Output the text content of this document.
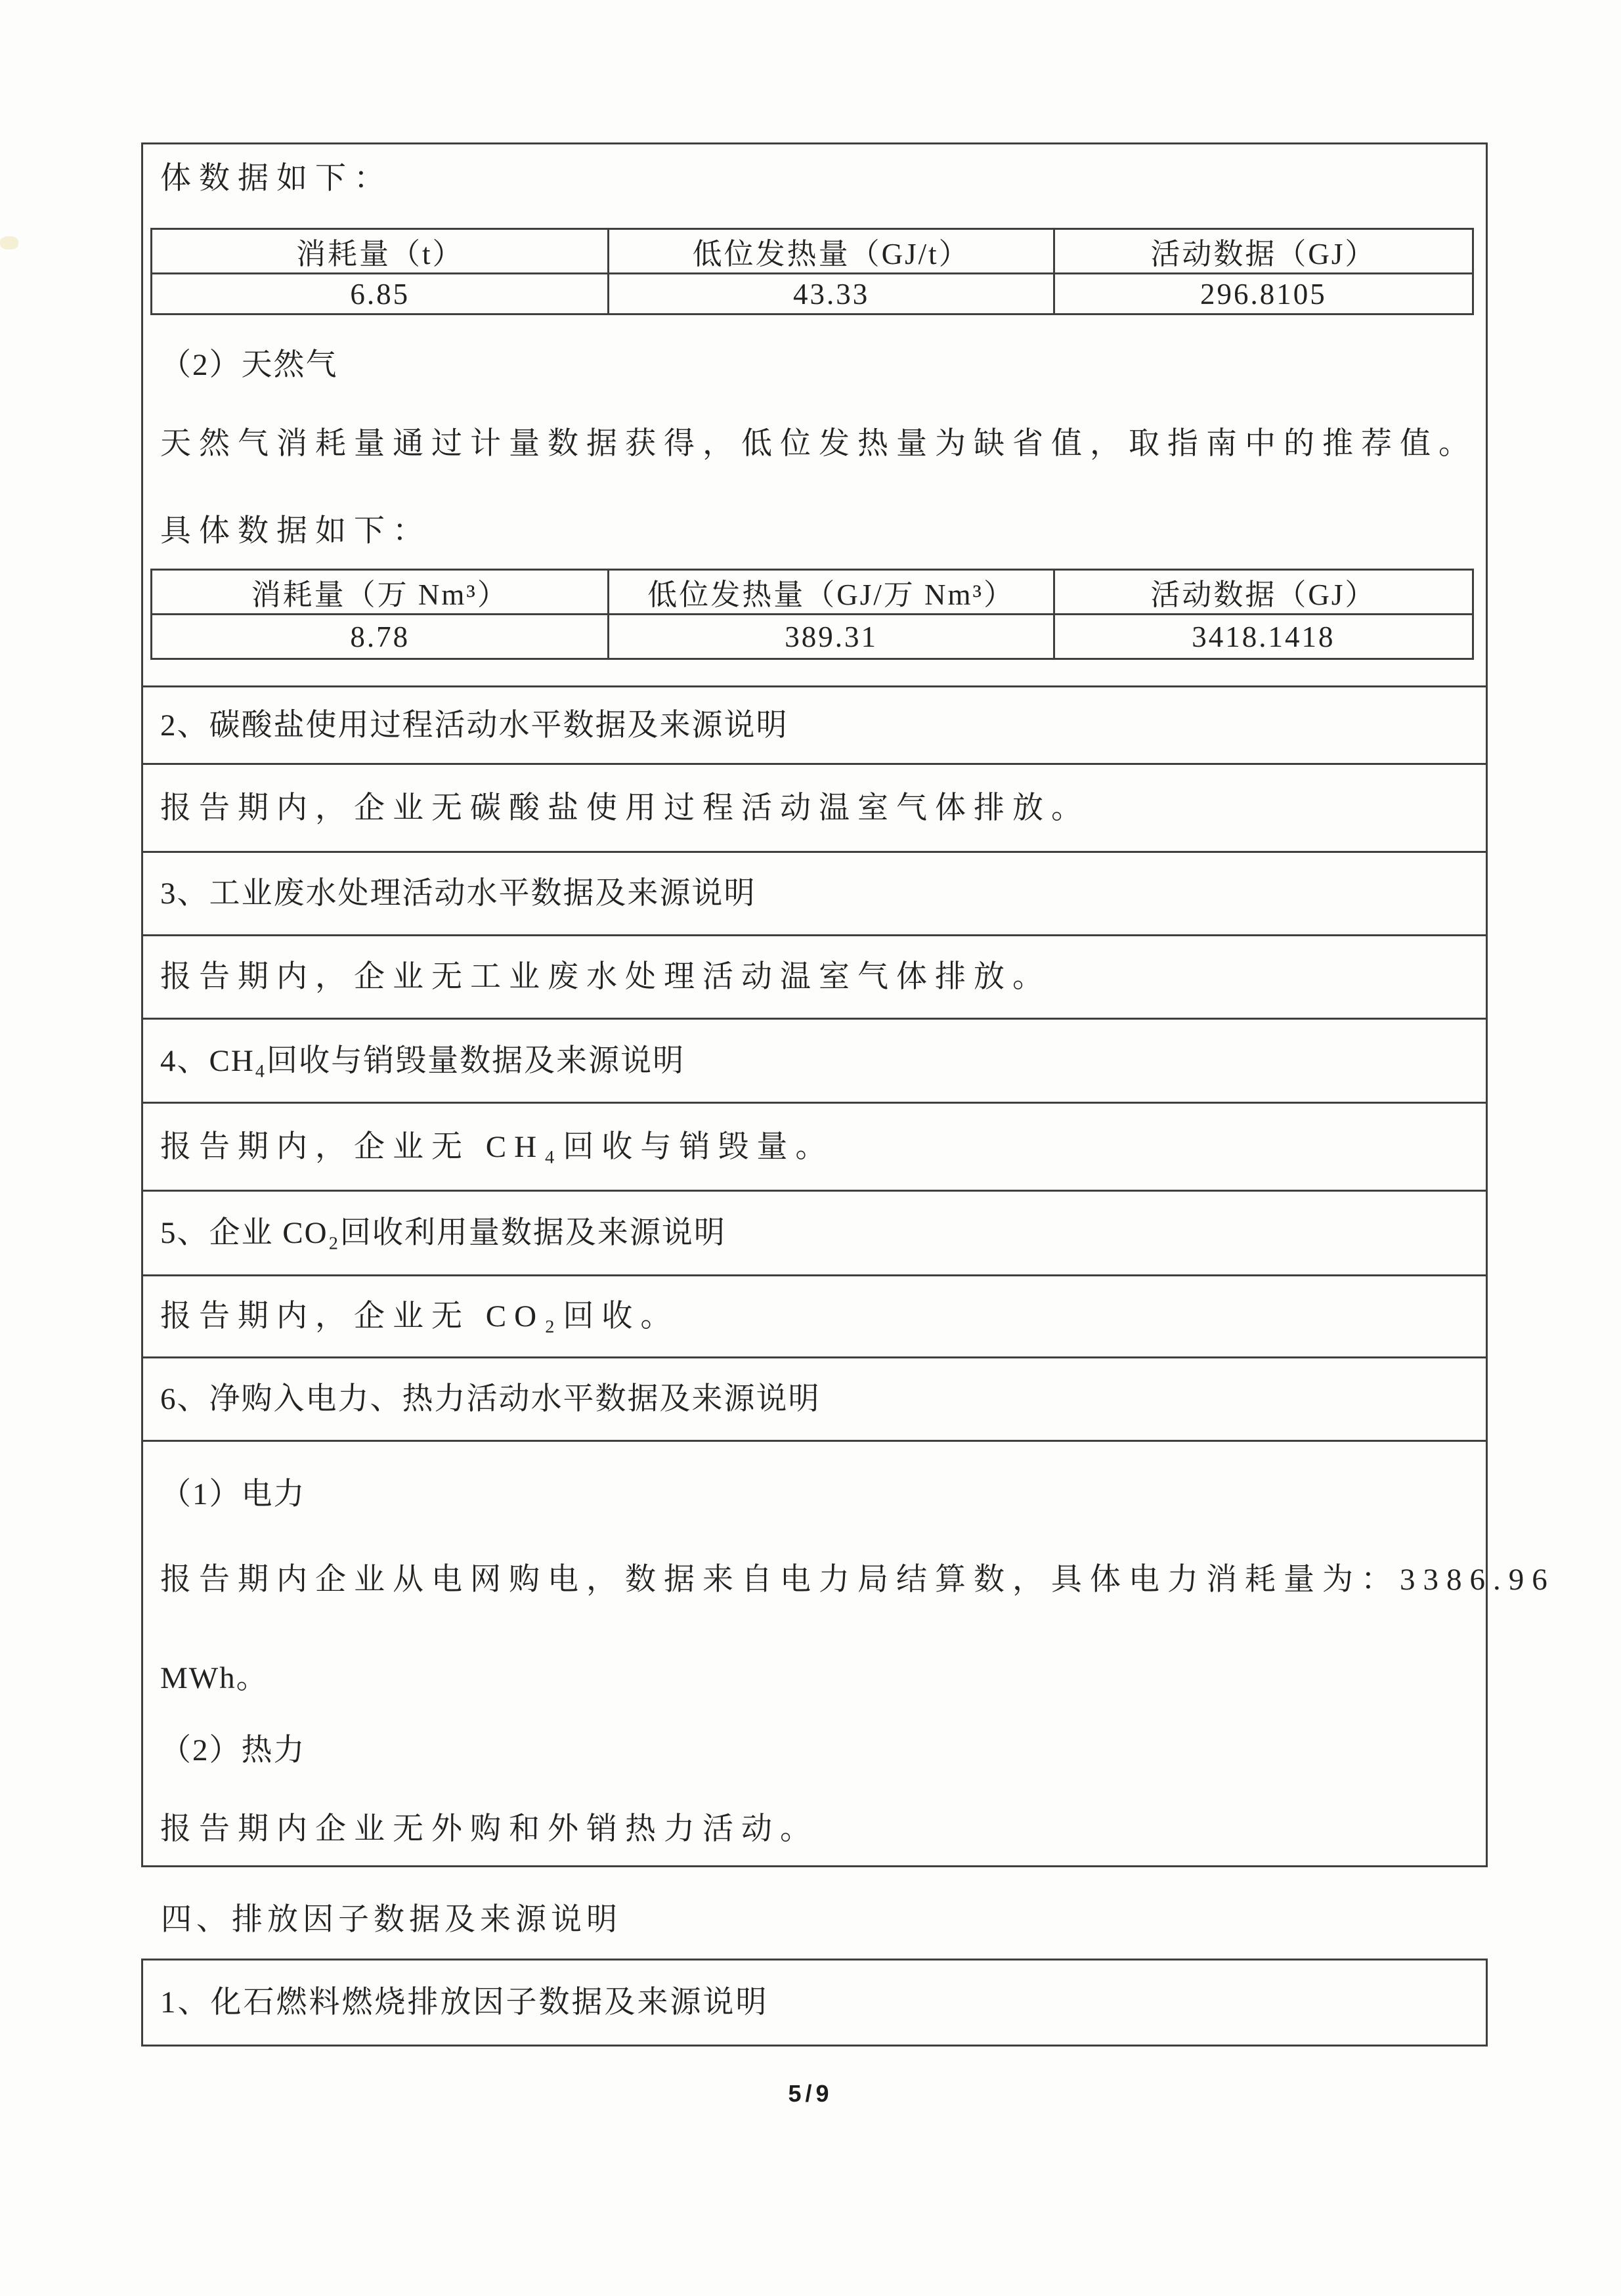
体数据如下：

消耗量（t）	低位发热量（GJ/t）	活动数据（GJ）
6.85	43.33	296.8105

（2）天然气

天然气消耗量通过计量数据获得，低位发热量为缺省值，取指南中的推荐值。

具体数据如下：

消耗量（万 Nm³）	低位发热量（GJ/万 Nm³）	活动数据（GJ）
8.78	389.31	3418.1418

2、碳酸盐使用过程活动水平数据及来源说明

报告期内，企业无碳酸盐使用过程活动温室气体排放。

3、工业废水处理活动水平数据及来源说明

报告期内，企业无工业废水处理活动温室气体排放。

4、CH₄回收与销毁量数据及来源说明

报告期内，企业无 CH₄回收与销毁量。

5、企业 CO₂回收利用量数据及来源说明

报告期内，企业无 CO₂回收。

6、净购入电力、热力活动水平数据及来源说明

（1）电力

报告期内企业从电网购电，数据来自电力局结算数，具体电力消耗量为：3386.96

MWh。

（2）热力

报告期内企业无外购和外销热力活动。

四、排放因子数据及来源说明

1、化石燃料燃烧排放因子数据及来源说明

5/9
